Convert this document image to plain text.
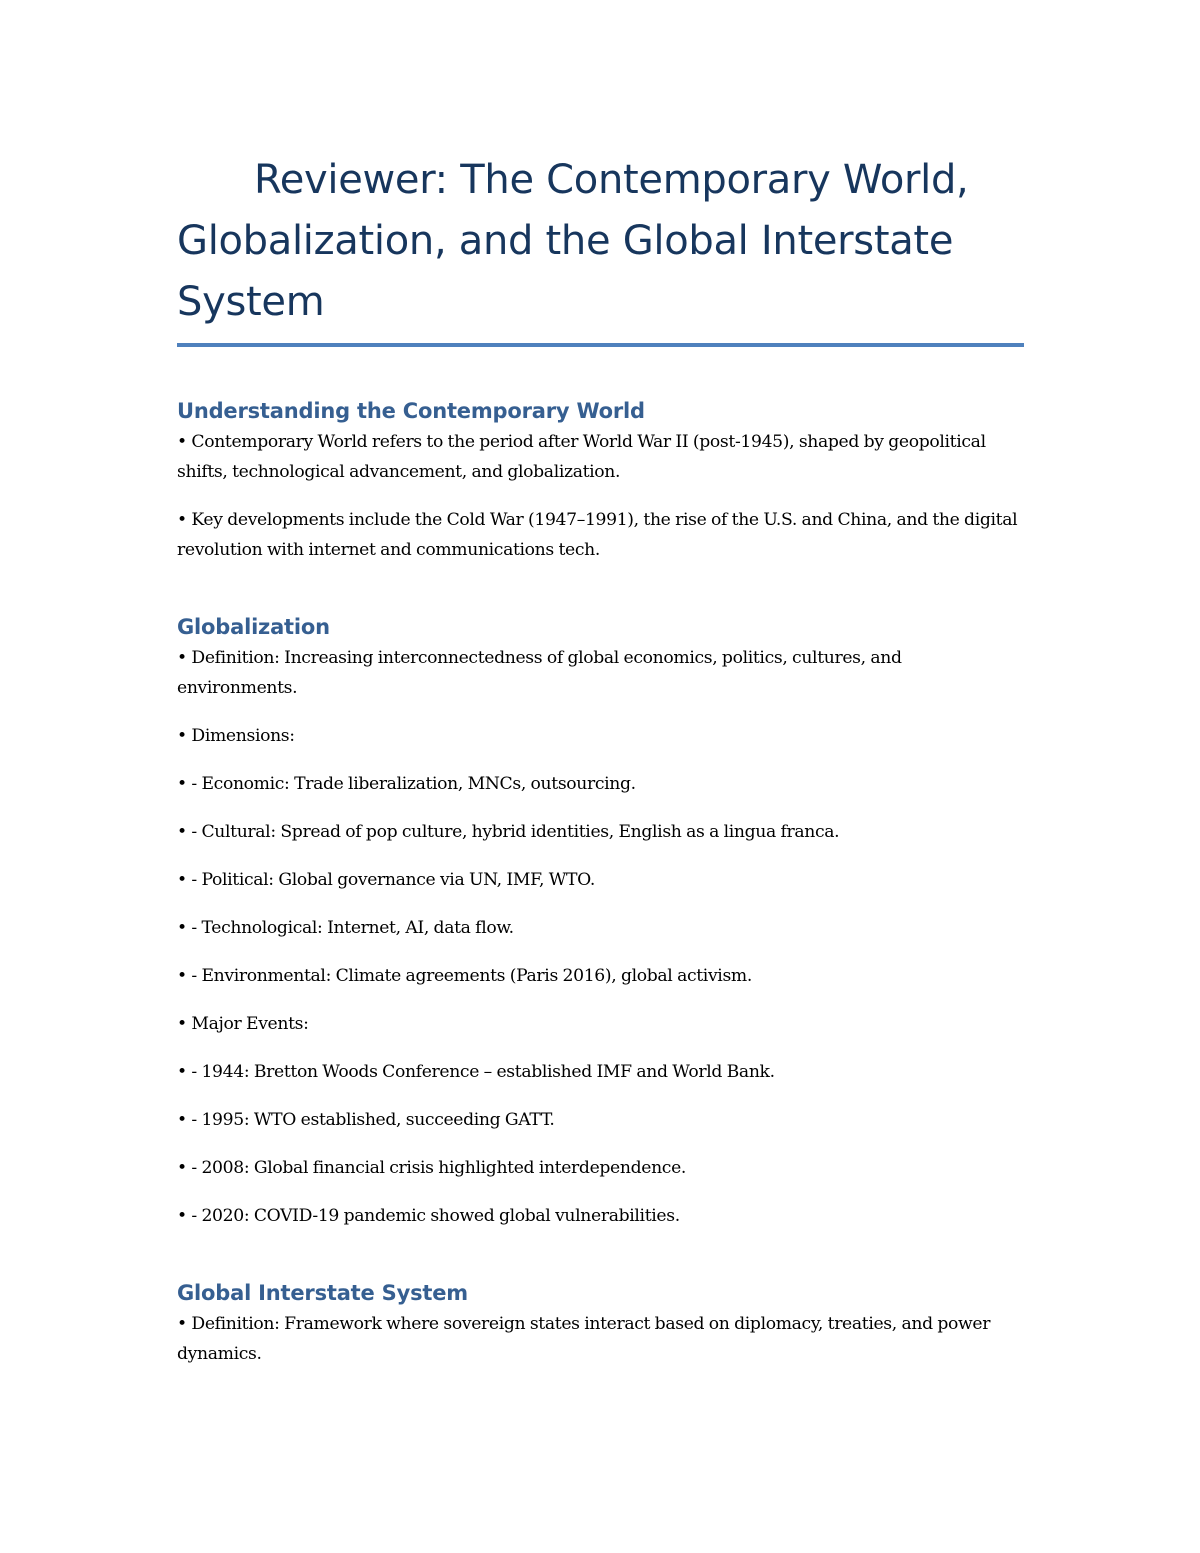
Reviewer: The Contemporary World, Globalization, and the Global Interstate System
Understanding the Contemporary World

• Contemporary World refers to the period after World War II (post-1945), shaped by geopolitical shifts, technological advancement, and globalization.

• Key developments include the Cold War (1947–1991), the rise of the U.S. and China, and the digital revolution with internet and communications tech.

Globalization

• Definition: Increasing interconnectedness of global economics, politics, cultures, and environments.

• Dimensions:

• - Economic: Trade liberalization, MNCs, outsourcing.

• - Cultural: Spread of pop culture, hybrid identities, English as a lingua franca.

• - Political: Global governance via UN, IMF, WTO.

• - Technological: Internet, AI, data flow.

• - Environmental: Climate agreements (Paris 2016), global activism.

• Major Events:

• - 1944: Bretton Woods Conference – established IMF and World Bank.

• - 1995: WTO established, succeeding GATT.

• - 2008: Global financial crisis highlighted interdependence.

• - 2020: COVID-19 pandemic showed global vulnerabilities.

Global Interstate System

• Definition: Framework where sovereign states interact based on diplomacy, treaties, and power dynamics.
